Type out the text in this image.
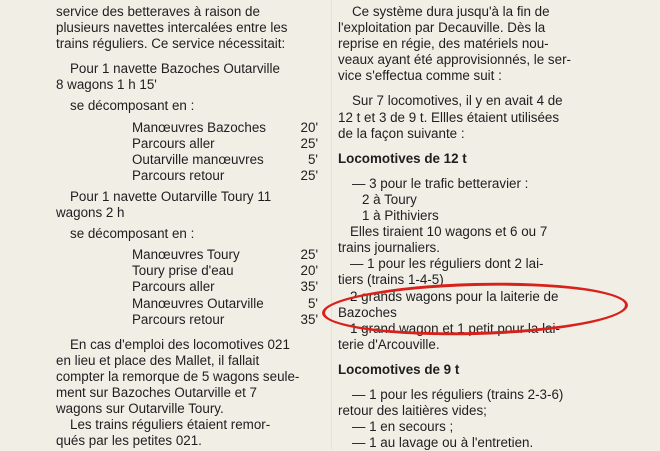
service des betteraves à raison de
plusieurs navettes intercalées entre les
trains réguliers. Ce service nécessitait:
Pour 1 navette Bazoches Outarville
8 wagons 1 h 15'
se décomposant en :
Manœuvres Bazoches	20'
Parcours aller	25'
Outarville manœuvres	5'
Parcours retour	25'
Pour 1 navette Outarville Toury 11
wagons 2 h
se décomposant en :
Manœuvres Toury	25'
Toury prise d'eau	20'
Parcours aller	35'
Manœuvres Outarville	5'
Parcours retour	35'
En cas d'emploi des locomotives 021
en lieu et place des Mallet, il fallait
compter la remorque de 5 wagons seule-
ment sur Bazoches Outarville et 7
wagons sur Outarville Toury.
Les trains réguliers étaient remor-
qués par les petites 021.
Ce système dura jusqu'à la fin de
l'exploitation par Decauville. Dès la
reprise en régie, des matériels nou-
veaux ayant été approvisionnés, le ser-
vice s'effectua comme suit :
Sur 7 locomotives, il y en avait 4 de
12 t et 3 de 9 t. Ellles étaient utilisées
de la façon suivante :
Locomotives de 12 t
— 3 pour le trafic betteravier :
2 à Toury
1 à Pithiviers
Elles tiraient 10 wagons et 6 ou 7
trains journaliers.
— 1 pour les réguliers dont 2 lai-
tiers (trains 1-4-5)
2 grands wagons pour la laiterie de
Bazoches
1 grand wagon et 1 petit pour la lai-
terie d'Arcouville.
Locomotives de 9 t
— 1 pour les réguliers (trains 2-3-6)
retour des laitières vides;
— 1 en secours ;
— 1 au lavage ou à l'entretien.
